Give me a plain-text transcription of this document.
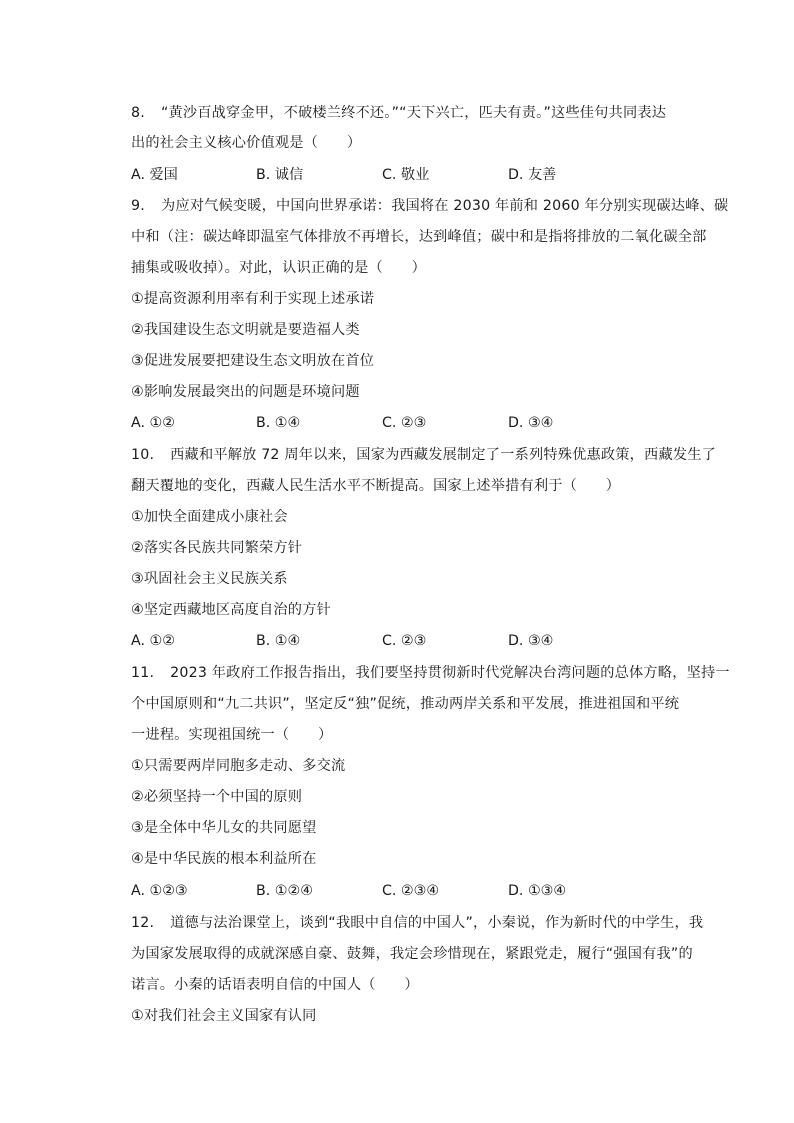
8. “黄沙百战穿金甲，不破楼兰终不还。”“天下兴亡，匹夫有责。”这些佳句共同表达
出的社会主义核心价值观是（　　）
A. 爱国	B. 诚信	C. 敬业	D. 友善
9. 为应对气候变暖，中国向世界承诺：我国将在 2030 年前和 2060 年分别实现碳达峰、碳
中和（注：碳达峰即温室气体排放不再增长，达到峰值；碳中和是指将排放的二氧化碳全部
捕集或吸收掉）。对此，认识正确的是（　　）
①提高资源利用率有利于实现上述承诺
②我国建设生态文明就是要造福人类
③促进发展要把建设生态文明放在首位
④影响发展最突出的问题是环境问题
A. ①②	B. ①④	C. ②③	D. ③④
10. 西藏和平解放 72 周年以来，国家为西藏发展制定了一系列特殊优惠政策，西藏发生了
翻天覆地的变化，西藏人民生活水平不断提高。国家上述举措有利于（　　）
①加快全面建成小康社会
②落实各民族共同繁荣方针
③巩固社会主义民族关系
④坚定西藏地区高度自治的方针
A. ①②	B. ①④	C. ②③	D. ③④
11. 2023 年政府工作报告指出，我们要坚持贯彻新时代党解决台湾问题的总体方略，坚持一
个中国原则和“九二共识”，坚定反“独”促统，推动两岸关系和平发展，推进祖国和平统
一进程。实现祖国统一（　　）
①只需要两岸同胞多走动、多交流
②必须坚持一个中国的原则
③是全体中华儿女的共同愿望
④是中华民族的根本利益所在
A. ①②③	B. ①②④	C. ②③④	D. ①③④
12. 道德与法治课堂上，谈到“我眼中自信的中国人”，小秦说，作为新时代的中学生，我
为国家发展取得的成就深感自豪、鼓舞，我定会珍惜现在，紧跟党走，履行“强国有我”的
诺言。小秦的话语表明自信的中国人（　　）
①对我们社会主义国家有认同
